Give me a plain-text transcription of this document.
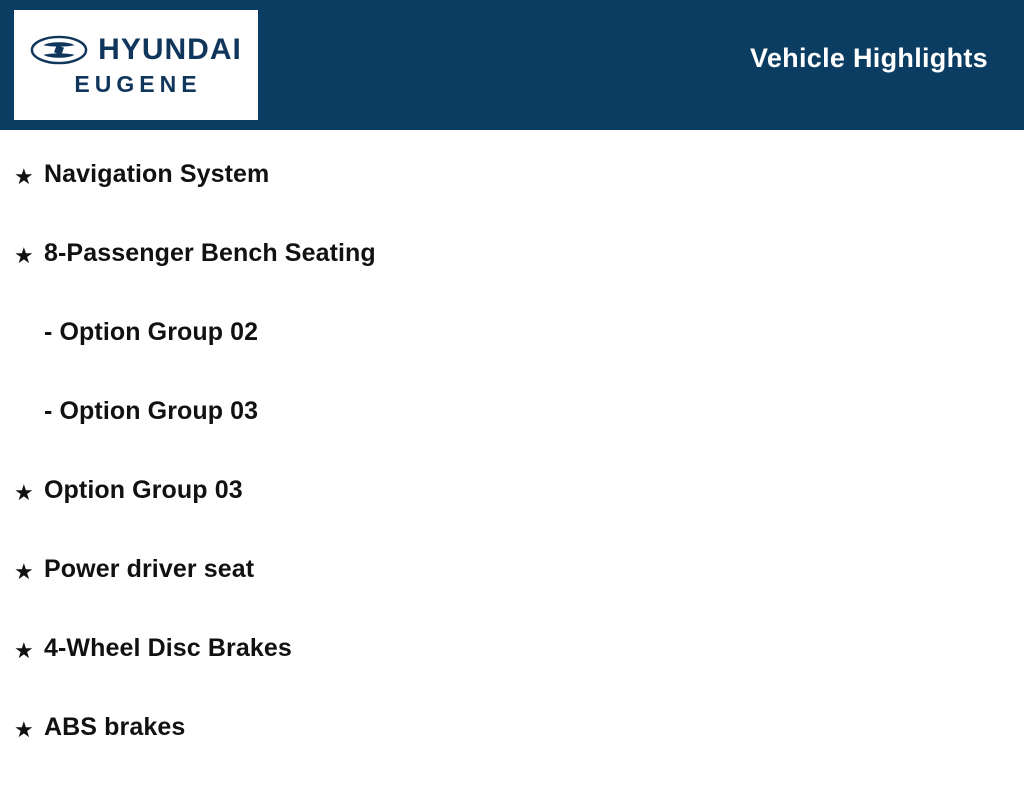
HYUNDAI
EUGENE
Vehicle Highlights
★ Navigation System
★ 8-Passenger Bench Seating
- Option Group 02
- Option Group 03
★ Option Group 03
★ Power driver seat
★ 4-Wheel Disc Brakes
★ ABS brakes
